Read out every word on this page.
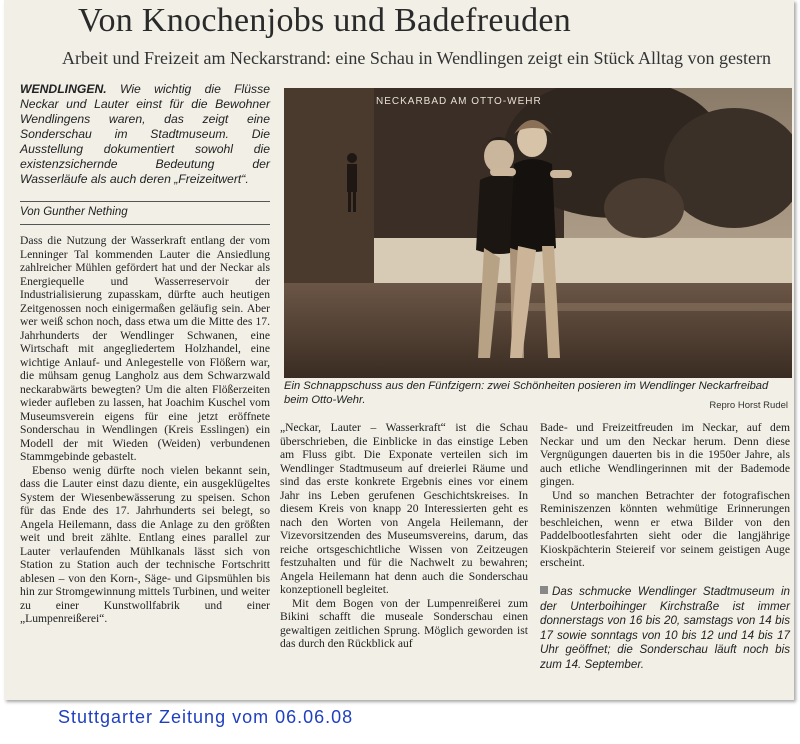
Von Knochenjobs und Badefreuden
Arbeit und Freizeit am Neckarstrand: eine Schau in Wendlingen zeigt ein Stück Alltag von gestern
WENDLINGEN. Wie wichtig die Flüsse Neckar und Lauter einst für die Bewohner Wendlingens waren, das zeigt eine Sonderschau im Stadtmuseum. Die Ausstellung dokumentiert sowohl die existenzsichernde Bedeutung der Wasserläufe als auch deren „Freizeitwert“.
Von Gunther Nething

Dass die Nutzung der Wasserkraft entlang der vom Lenninger Tal kommenden Lauter die Ansiedlung zahlreicher Mühlen gefördert hat und der Neckar als Energiequelle und Wasserreservoir der Industrialisierung zupasskam, dürfte auch heutigen Zeitgenossen noch einigermaßen geläufig sein. Aber wer weiß schon noch, dass etwa um die Mitte des 17. Jahrhunderts der Wendlinger Schwanen, eine Wirtschaft mit angegliedertem Holzhandel, eine wichtige Anlauf- und Anlegestelle von Flößern war, die mühsam genug Langholz aus dem Schwarzwald neckarabwärts bewegten? Um die alten Flößerzeiten wieder aufleben zu lassen, hat Joachim Kuschel vom Museumsverein eigens für eine jetzt eröffnete Sonderschau in Wendlingen (Kreis Esslingen) ein Modell der mit Wieden (Weiden) verbundenen Stammgebinde gebastelt.

Ebenso wenig dürfte noch vielen bekannt sein, dass die Lauter einst dazu diente, ein ausgeklügeltes System der Wiesenbewässerung zu speisen. Schon für das Ende des 17. Jahrhunderts sei belegt, so Angela Heilemann, dass die Anlage zu den größten weit und breit zählte. Entlang eines parallel zur Lauter verlaufenden Mühlkanals lässt sich von Station zu Station auch der technische Fortschritt ablesen – von den Korn-, Säge- und Gipsmühlen bis hin zur Stromgewinnung mittels Turbinen, und weiter zu einer Kunstwollfabrik und einer „Lumpenreißerei“.

NECKARBAD AM OTTO-WEHR
Ein Schnappschuss aus den Fünfzigern: zwei Schönheiten posieren im Wendlinger Neckarfreibad beim Otto-Wehr.	Repro Horst Rudel

„Neckar, Lauter – Wasserkraft“ ist die Schau überschrieben, die Einblicke in das einstige Leben am Fluss gibt. Die Exponate verteilen sich im Wendlinger Stadtmuseum auf dreierlei Räume und sind das erste konkrete Ergebnis eines vor einem Jahr ins Leben gerufenen Geschichtskreises. In diesem Kreis von knapp 20 Interessierten geht es nach den Worten von Angela Heilemann, der Vizevorsitzenden des Museumsvereins, darum, das reiche ortsgeschichtliche Wissen von Zeitzeugen festzuhalten und für die Nachwelt zu bewahren; Angela Heilemann hat denn auch die Sonderschau konzeptionell begleitet.

Mit dem Bogen von der Lumpenreißerei zum Bikini schafft die museale Sonderschau einen gewaltigen zeitlichen Sprung. Möglich geworden ist das durch den Rückblick auf

Bade- und Freizeitfreuden im Neckar, auf dem Neckar und um den Neckar herum. Denn diese Vergnügungen dauerten bis in die 1950er Jahre, als auch etliche Wendlingerinnen mit der Bademode gingen.

Und so manchen Betrachter der fotografischen Reminiszenzen könnten wehmütige Erinnerungen beschleichen, wenn er etwa Bilder von den Paddelbootlesfahrten sieht oder die langjährige Kioskpächterin Steiereif vor seinem geistigen Auge erscheint.

Das schmucke Wendlinger Stadtmuseum in der Unterboihinger Kirchstraße ist immer donnerstags von 16 bis 20, samstags von 14 bis 17 sowie sonntags von 10 bis 12 und 14 bis 17 Uhr geöffnet; die Sonderschau läuft noch bis zum 14. September.
Stuttgarter Zeitung vom 06.06.08
